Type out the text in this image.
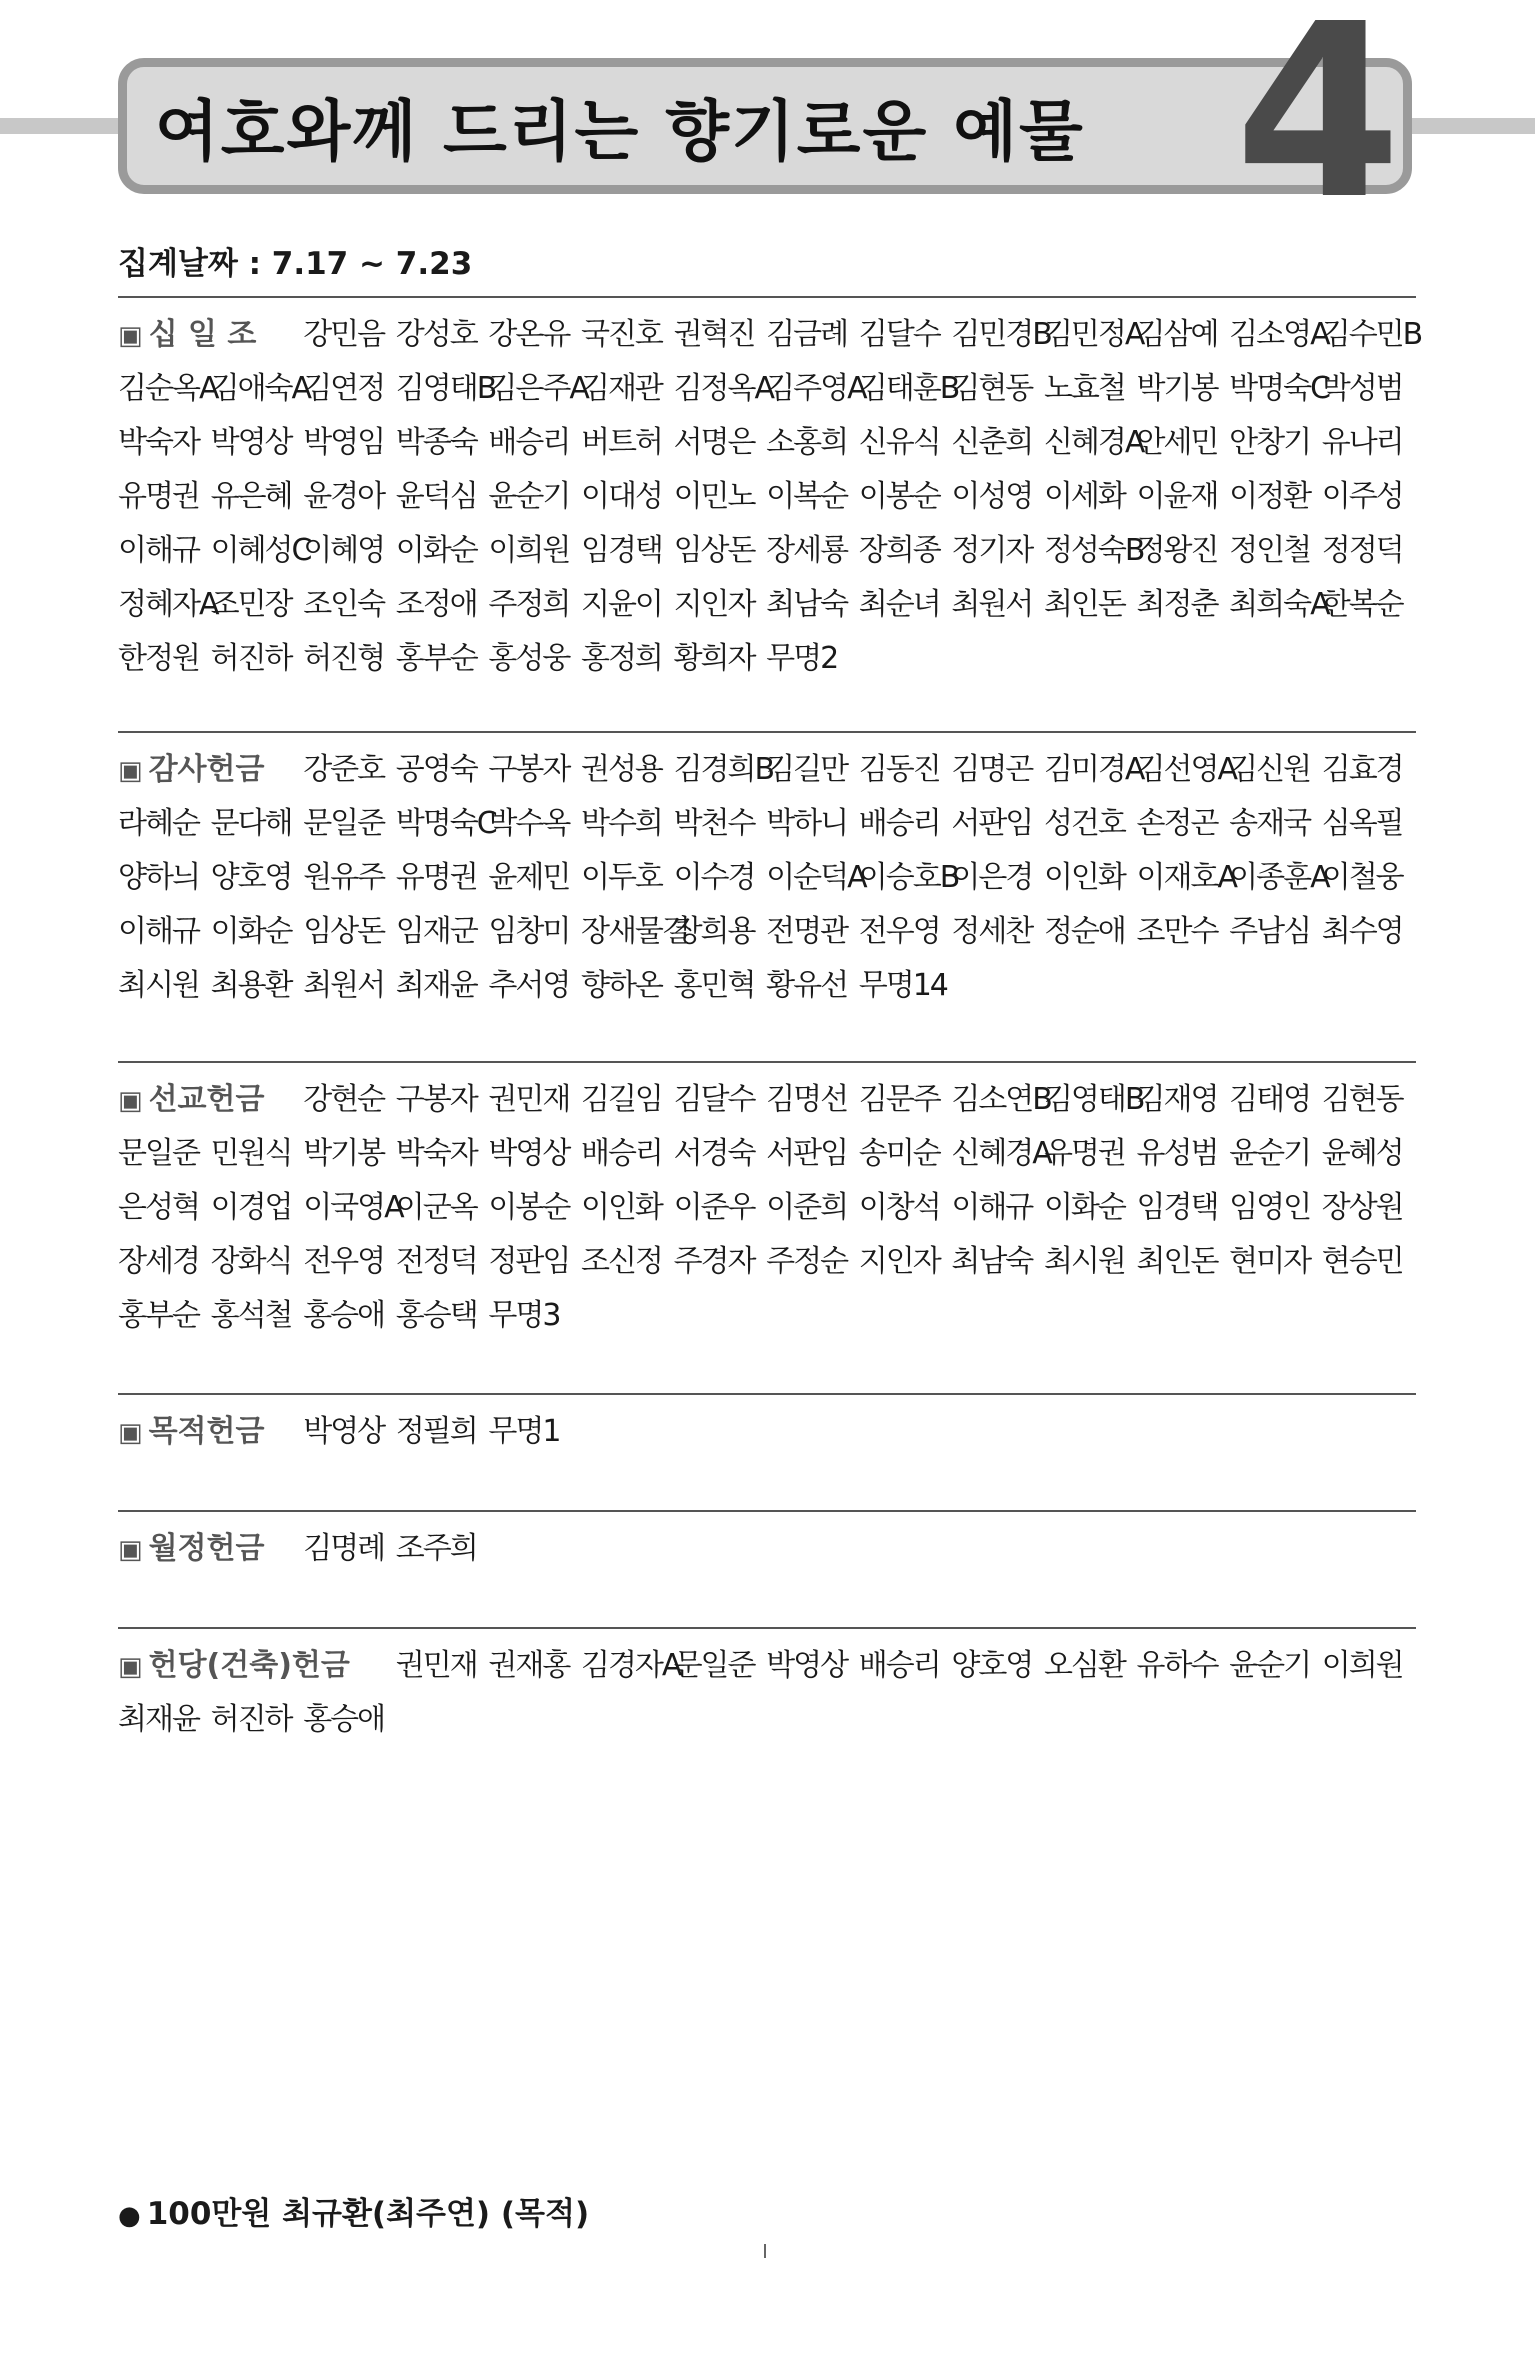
여호와께 드리는 향기로운 예물 4
집계날짜 : 7.17 ~ 7.23
▣ 십 일 조	강민음 강성호 강온유 국진호 권혁진 김금례 김달수 김민경B
김민정A
김삼예 김소영A
김수민B
김순옥A
김애숙A
김연정 김영태B
김은주A
김재관 김정옥A
김주영A
김태훈B
김현동 노효철 박기봉 박명숙C
박성범
박숙자 박영상 박영임 박종숙 배승리 버트허 서명은 소홍희 신유식 신춘희 신혜경A
안세민 안창기 유나리
유명권 유은혜 윤경아 윤덕심 윤순기 이대성 이민노 이복순 이봉순 이성영 이세화 이윤재 이정환 이주성
이해규 이혜성C
이혜영 이화순 이희원 임경택 임상돈 장세룡 장희종 정기자 정성숙B
정왕진 정인철 정정덕
정혜자A
조민장 조인숙 조정애 주정희 지윤이 지인자 최남숙 최순녀 최원서 최인돈 최정춘 최희숙A
한복순
한정원 허진하 허진형 홍부순 홍성웅 홍정희 황희자 무명2
▣ 감사헌금	강준호 공영숙 구봉자 권성용 김경희B
김길만 김동진 김명곤 김미경A
김선영A
김신원 김효경
라혜순 문다해 문일준 박명숙C
박수옥 박수희 박천수 박하니 배승리 서판임 성건호 손정곤 송재국 심옥필
양하늬 양호영 원유주 유명권 윤제민 이두호 이수경 이순덕A
이승호B
이은경 이인화 이재호A
이종훈A
이철웅
이해규 이화순 임상돈 임재군 임창미 장새물결
장희용 전명관 전우영 정세찬 정순애 조만수 주남심 최수영
최시원 최용환 최원서 최재윤 추서영 향하온 홍민혁 황유선 무명14
▣ 선교헌금	강현순 구봉자 권민재 김길임 김달수 김명선 김문주 김소연B
김영태B
김재영 김태영 김현동
문일준 민원식 박기봉 박숙자 박영상 배승리 서경숙 서판임 송미순 신혜경A
유명권 유성범 윤순기 윤혜성
은성혁 이경업 이국영A
이군옥 이봉순 이인화 이준우 이준희 이창석 이해규 이화순 임경택 임영인 장상원
장세경 장화식 전우영 전정덕 정판임 조신정 주경자 주정순 지인자 최남숙 최시원 최인돈 현미자 현승민
홍부순 홍석철 홍승애 홍승택 무명3
▣ 목적헌금	박영상 정필희 무명1
▣ 월정헌금	김명례 조주희
▣ 헌당(건축)헌금	권민재 권재홍 김경자A
문일준 박영상 배승리 양호영 오심환 유하수 윤순기 이희원
최재윤 허진하 홍승애
● 100만원 최규환(최주연) (목적)
